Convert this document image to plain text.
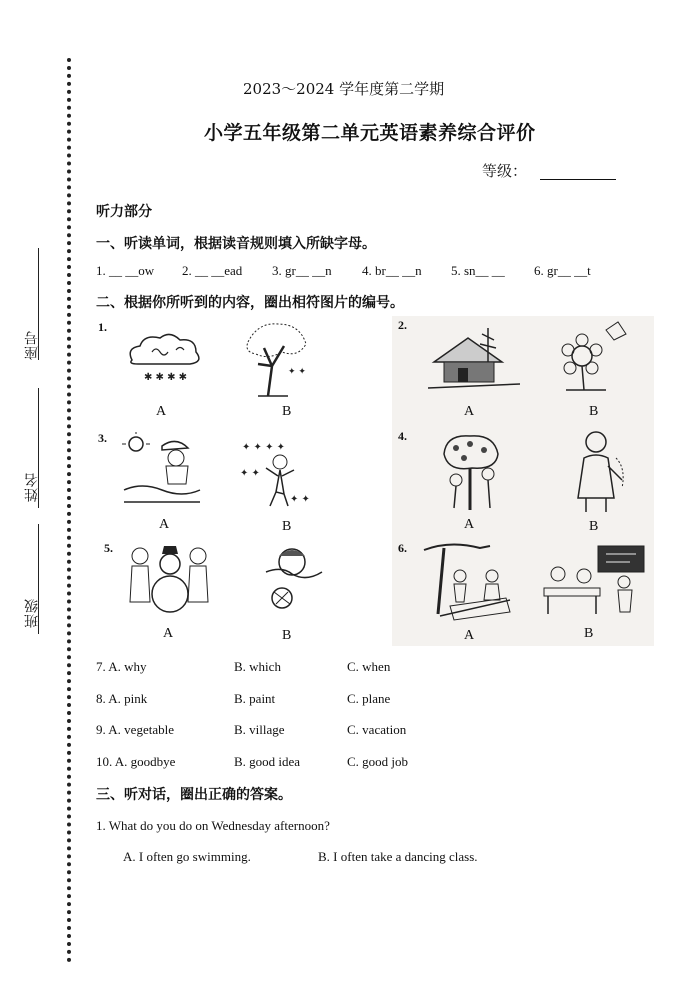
座号
姓名
班级
2023～2024 学年度第二学期
小学五年级第二单元英语素养综合评价
等级：
听力部分
一、听读单词，根据读音规则填入所缺字母。
1. __ __ow 2. __ __ead 3. gr__ __n 4. br__ __n 5. sn__ __ 6. gr__ __t
二、根据你所听到的内容，圈出相符图片的编号。
1.	2.
3.	4.
5.	6.
✱ ✱ ✱ ✱	✦ ✦
✦ ✦ ✦ ✦
✦ ✦
✦ ✦
A	B	A	B
A	B	A	B
A	B	A	B
7. A. why	B. which	C. when
8. A. pink	B. paint	C. plane
9. A. vegetable	B. village	C. vacation
10. A. goodbye	B. good idea	C. good job
三、听对话，圈出正确的答案。
1. What do you do on Wednesday afternoon?
A. I often go swimming.	B. I often take a dancing class.
